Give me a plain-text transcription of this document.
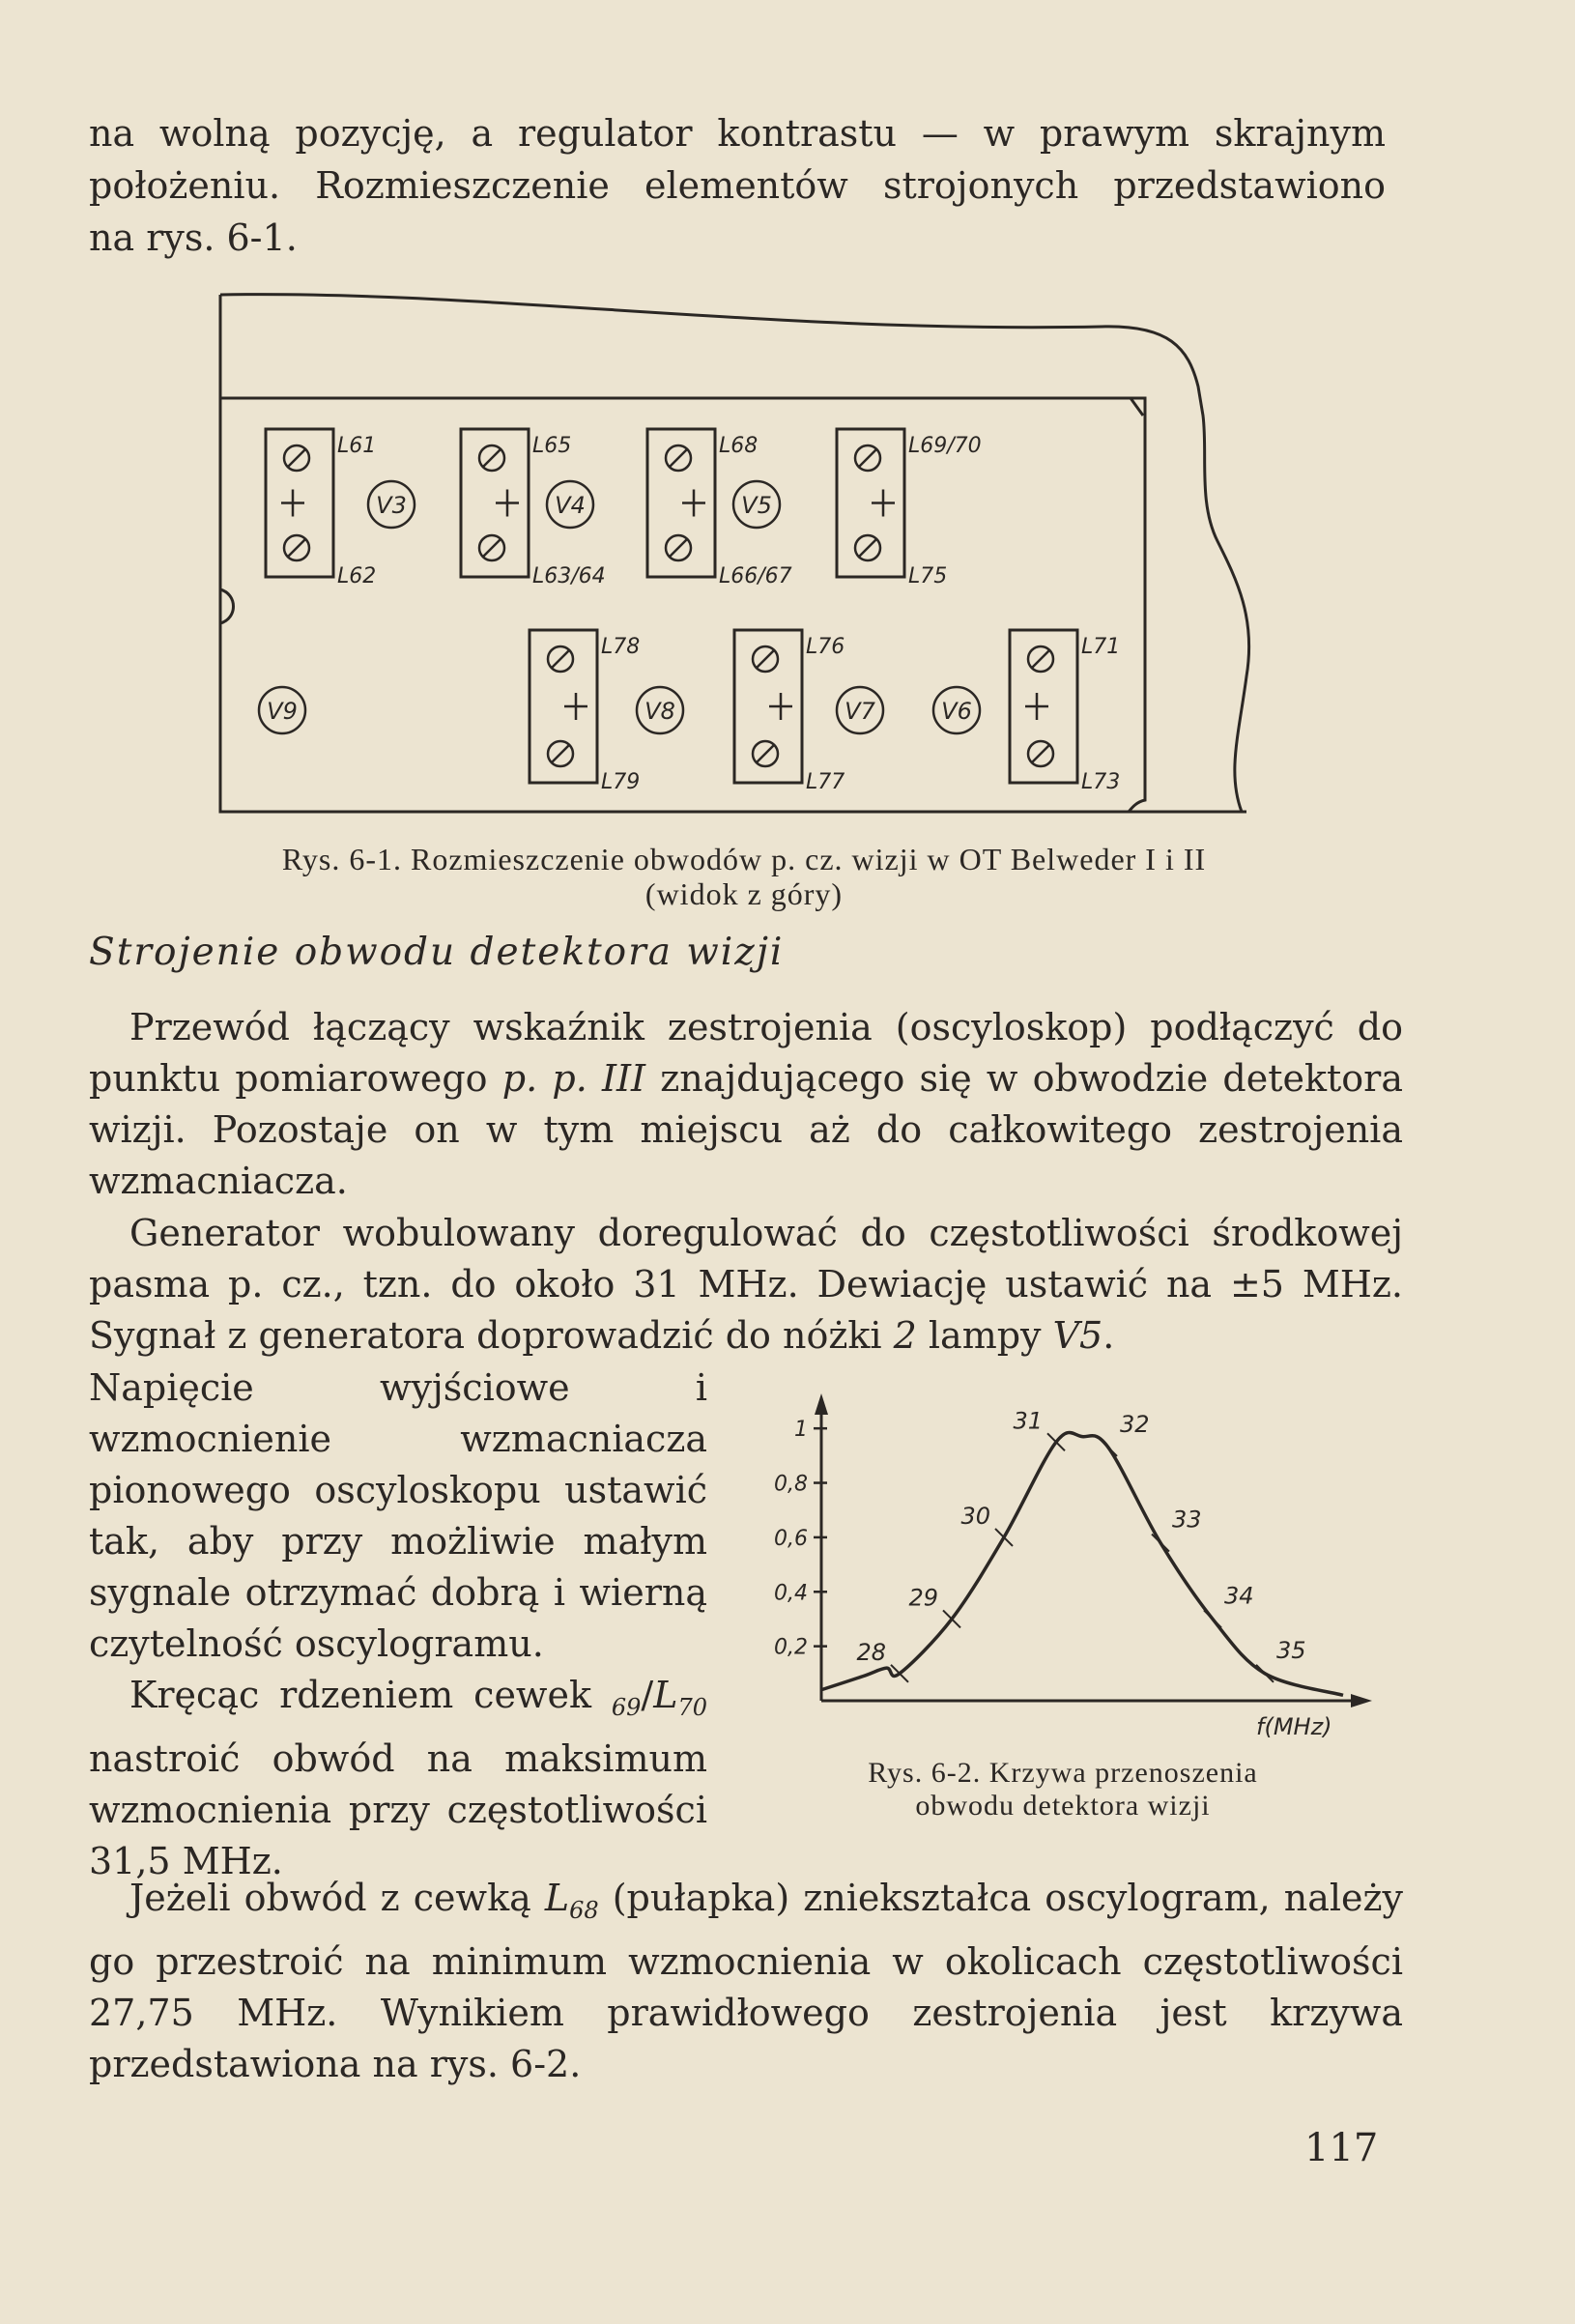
na wolną pozycję, a regulator kontrastu — w prawym skrajnym

położeniu. Rozmieszczenie elementów strojonych przedstawiono

na rys. 6-1.

L61
L62
V3
L65
L63/64
V4
L68
L66/67
V5
L69/70
L75
V9
L78
L79
V8
L76
L77
V7	V6
L71
L73
Rys. 6-1. Rozmieszczenie obwodów p. cz. wizji w OT Belweder I i II
(widok z góry)
Strojenie obwodu detektora wizji

Przewód łączący wskaźnik zestrojenia (oscyloskop) podłączyć do punktu pomiarowego p. p. III znajdującego się w obwodzie detektora wizji. Pozostaje on w tym miejscu aż do całkowitego zestrojenia wzmacniacza.

Generator wobulowany doregulować do częstotliwości środkowej pasma p. cz., tzn. do około 31 MHz. Dewiację ustawić na ±5 MHz. Sygnał z generatora doprowadzić do nóżki 2 lampy V5.

Napięcie wyjściowe i wzmocnienie wzmacniacza pionowego oscyloskopu ustawić tak, aby przy możliwie małym sygnale otrzymać dobrą i wierną czytelność oscylogramu.

Kręcąc rdzeniem cewek $_{69}/L_{70}$ nastroić obwód na maksimum wzmocnienia przy częstotliwości 31,5 MHz.

f(MHz)
0,2
0,4
0,6
0,8
1
28
29
30
31	32
33
34
35
Rys. 6-2. Krzywa przenoszenia
obwodu detektora wizji

Jeżeli obwód z cewką $L_{68}$ (pułapka) zniekształca oscylogram, należy go przestroić na minimum wzmocnienia w okolicach częstotliwości 27,75 MHz. Wynikiem prawidłowego zestrojenia jest krzywa przedstawiona na rys. 6-2.

117
